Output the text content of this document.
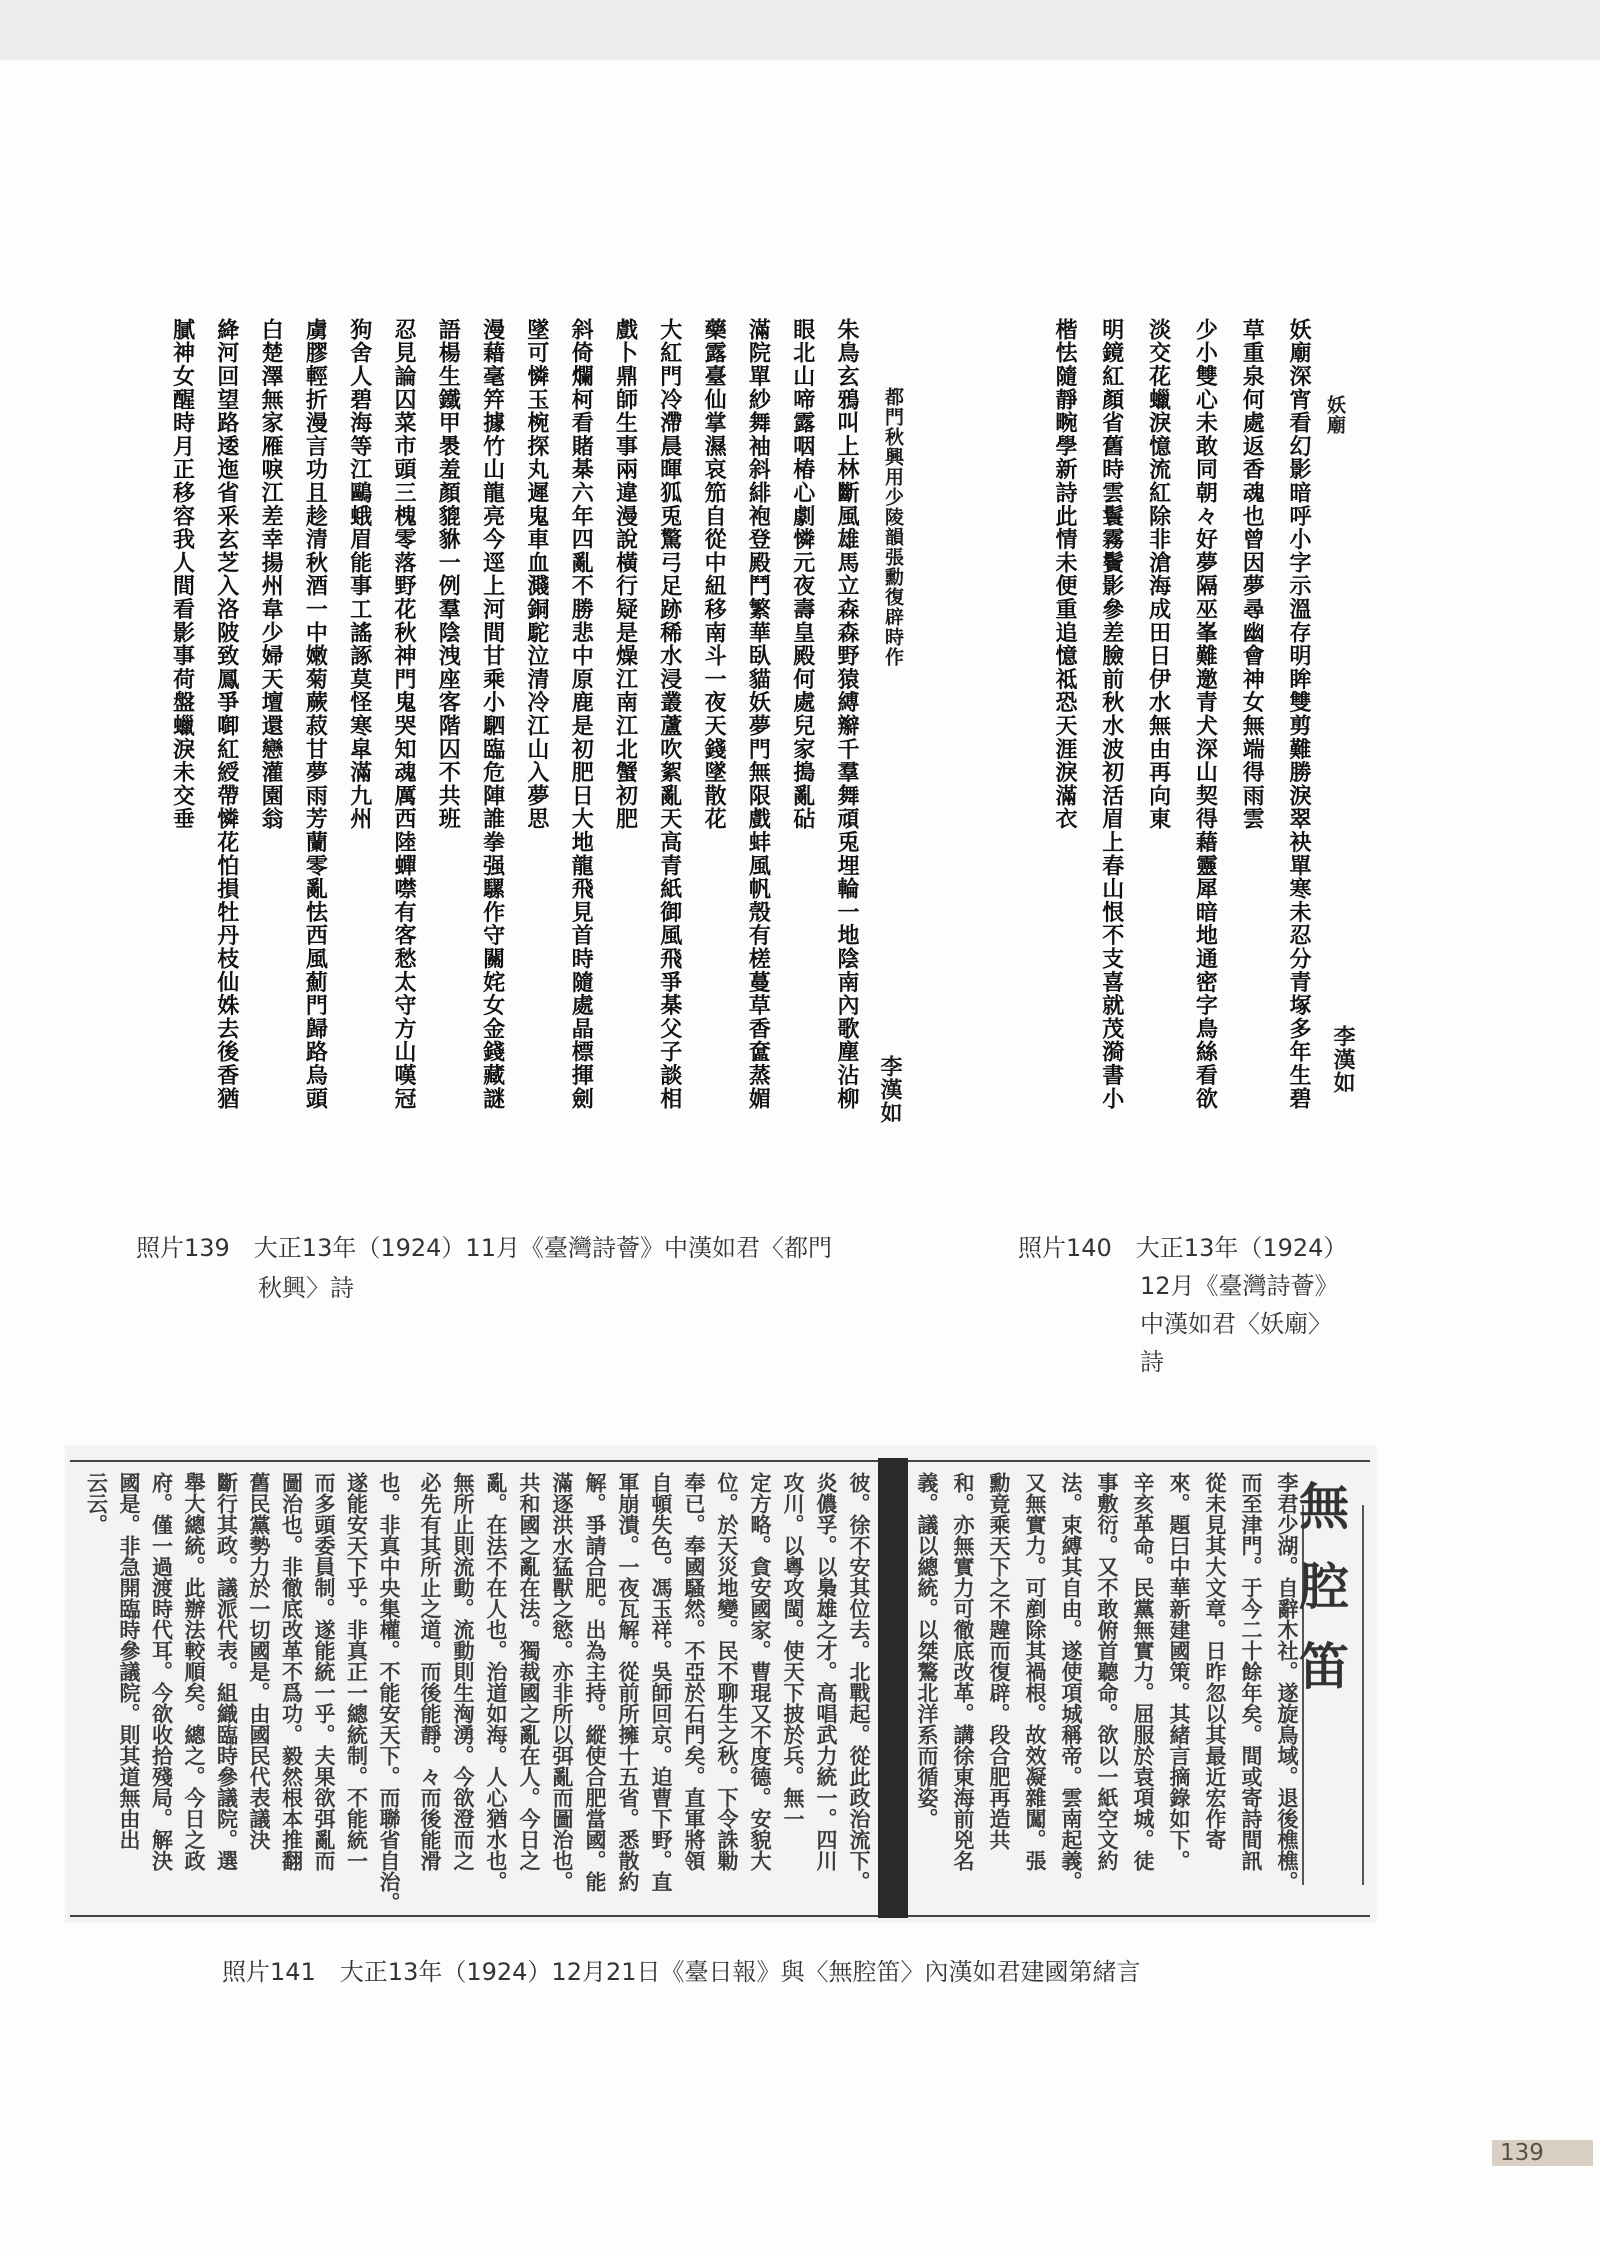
都門秋興用少陵韻張勳復辟時作
李漢如
朱鳥玄鴉叫上林斷風雄馬立森森野猿縛辮千羣舞頑兎埋輪一地陰南內歌塵沾柳
眼北山啼露咽椿心劇憐元夜壽皇殿何處兒家搗亂砧
滿院單紗舞袖斜緋袍登殿鬥繁華臥貓妖夢門無限戲蚌風帆殼有槎蔓草香奩蒸媚
藥露臺仙掌濕哀笳自從中紐移南斗一夜天錢墜散花
大紅門冷滯晨暉狐兎驚弓足跡稀水浸叢蘆吹絮亂天高青紙御風飛爭棊父子談相
戲卜鼎師生事兩違漫說橫行疑是燥江南江北蟹初肥
斜倚爛柯看賭棊六年四亂不勝悲中原鹿是初肥日大地龍飛見首時隨處晶標揮劍
墜可憐玉椀探丸遲鬼車血濺銅駝泣清冷江山入夢思
漫藉毫筓據竹山龍亮今逕上河間甘乘小駟臨危陣誰拳强騾作守關姹女金錢藏謎
語楊生鐵甲褁羞顏貔貅一例羣陰洩座客階囚不共班
忍見論囚菜市頭三槐零落野花秋神門鬼哭知魂厲西陸蟬噤有客愁太守方山嘆冠
狗舍人碧海等江鷗蛾眉能事工謠諑莫怪寒皐滿九州
虜膠輕折漫言功且趁清秋酒一中嫩菊蕨菽甘夢雨芳蘭零亂怯西風薊門歸路烏頭
白楚澤無家雁唳江差幸揚州韋少婦天壇還戀灌園翁
絳河回望路逶迤省釆玄芝入洛陂致鳳爭啣紅綬帶憐花怕損牡丹枝仙姝去後香猶
膩神女醒時月正移容我人間看影事荷盤蠟淚未交垂	妖廟
李漢如
妖廟深宵看幻影暗呼小字示溫存明眸雙剪難勝淚翠袂單寒未忍分青塚多年生碧
草重泉何處返香魂也曾因夢尋幽會神女無端得雨雲
少小雙心未敢同朝々好夢隔巫峯難邀青犬深山契得藉靈犀暗地通密字鳥絲看欲
淡交花蠟淚憶流紅除非滄海成田日伊水無由再向東
明鏡紅顏省舊時雲鬟霧鬢影參差臉前秋水波初活眉上春山恨不支喜就茂漪書小
楷怯隨靜畹學新詩此情未便重追憶祗恐天涯淚滿衣
照片139　大正13年（1924）11月《臺灣詩薈》中漢如君〈都門
秋興〉詩
照片140　大正13年（1924）
12月《臺灣詩薈》
中漢如君〈妖廟〉
詩
無腔笛
李君少湖。自辭木社。遂旋鳥域。退後樵樵。
而至津門。于今二十餘年矣。間或寄詩間訊
從未見其大文章。日昨忽以其最近宏作寄
來。題曰中華新建國策。其緒言摘錄如下。
辛亥革命。民黨無實力。屈服於袁項城。徒
事敷衍。又不敢俯首聽命。欲以一紙空文約
法。束縛其自由。遂使項城稱帝。雲南起義。
又無實力。可剷除其禍根。故效凝雜闖。張
勳竟乘天下之不韙而復辟。段合肥再造共
和。亦無實力可徹底改革。講徐東海前兇名
義。議以總統。以桀驁北洋系而循姿。
彼。徐不安其位去。北戰起。從此政治流下。
炎儂孚。以梟雄之才。高唱武力統一。四川
攻川。以粵攻閩。使天下披於兵。無一
定方略。貪安國家。曹琨又不度德。安貌大
位。於天災地變。民不聊生之秋。下令誅勦
奉已。奉國騷然。不亞於石門矣。直軍將領
自頓失色。馮玉祥。吳師回京。迫曹下野。直
軍崩潰。一夜瓦解。從前所擁十五省。悉散約
解。爭請合肥。出為主持。縱使合肥當國。能
滿逐洪水猛獸之慾。亦非所以弭亂而圖治也。
共和國之亂在法。獨裁國之亂在人。今日之
亂。在法不在人也。治道如海。人心猶水也。
無所止則流動。流動則生洶湧。今欲澄而之
必先有其所止之道。而後能靜。々而後能滑
也。非真中央集權。不能安天下。而聯省自治。
遂能安天下乎。非真正一總統制。不能統一
而多頭委員制。遂能統一乎。夫果欲弭亂而
圖治也。非徹底改革不爲功。毅然根本推翻
舊民黨勢力於一切國是。由國民代表議決
斷行其政。議派代表。組織臨時參議院。選
舉大總統。此辦法較順矣。總之。今日之政
府。僅一過渡時代耳。今欲收拾殘局。解決
國是。非急開臨時參議院。則其道無由出
云云。
照片141　大正13年（1924）12月21日《臺日報》與〈無腔笛〉內漢如君建國第緒言
139
